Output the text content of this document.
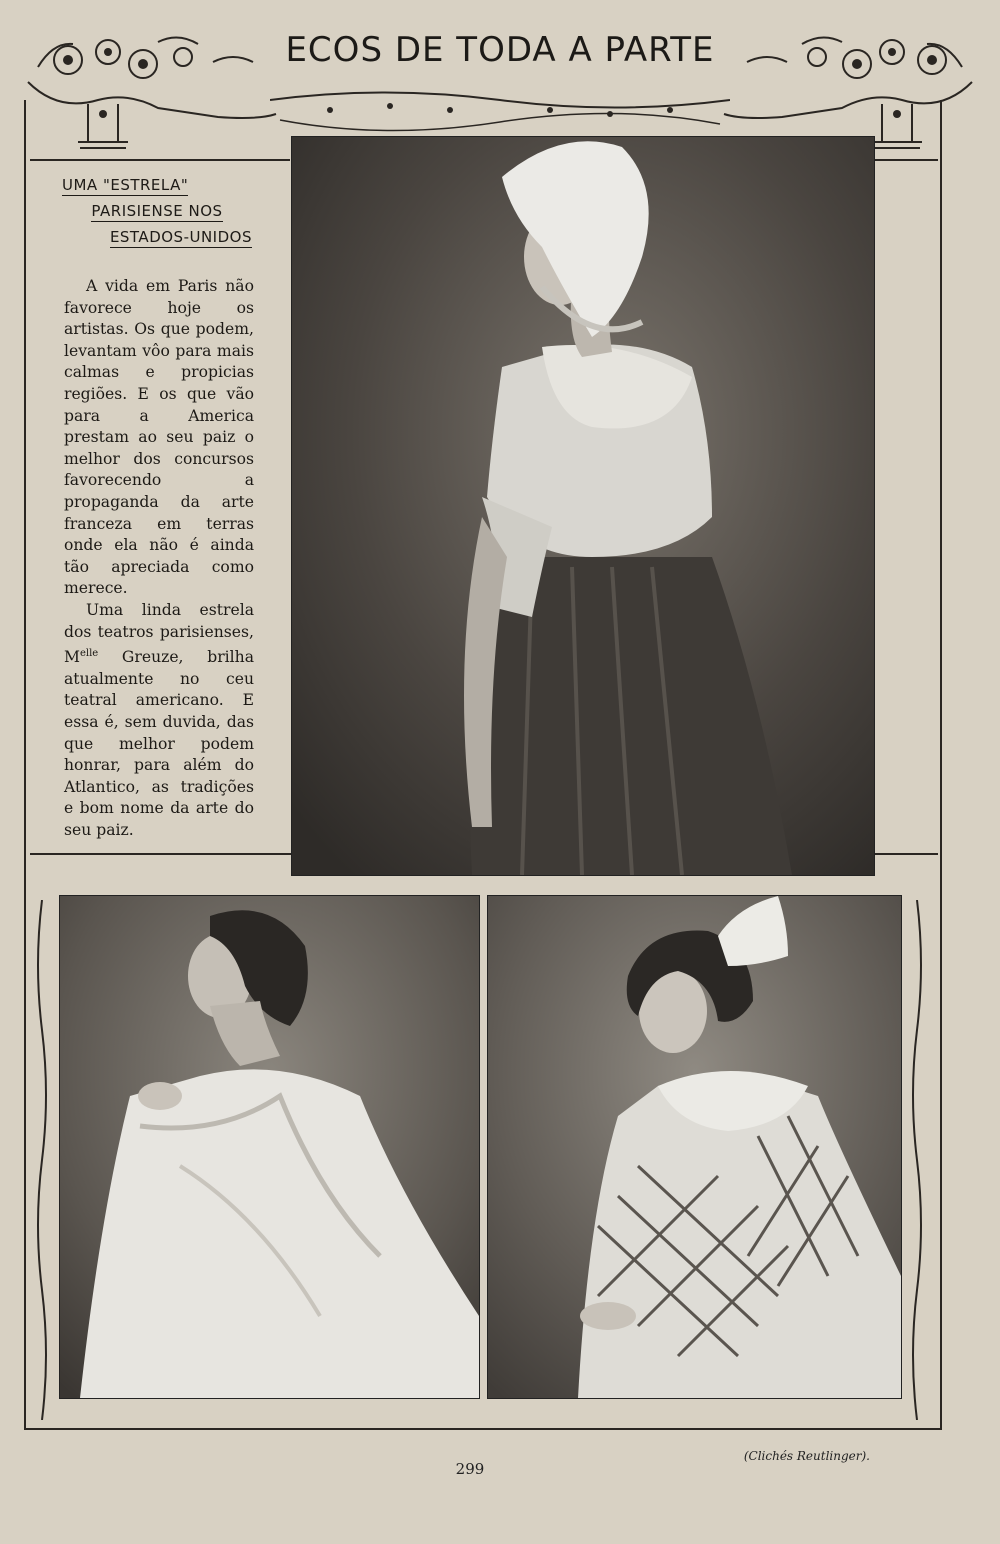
ECOS DE TODA A PARTE
UMA "ESTRELA"
PARISIENSE NOS
ESTADOS-UNIDOS

A vida em Paris não favorece hoje os artistas. Os que podem, levantam vôo para mais calmas e propicias regiões. E os que vão para a America prestam ao seu paiz o melhor dos concursos favorecendo a propaganda da arte franceza em terras onde ela não é ainda tão apreciada como merece.

Uma linda estrela dos teatros parisienses, $M^{elle}$ Greuze, brilha atualmente no ceu teatral americano. E essa é, sem duvida, das que melhor podem honrar, para além do Atlantico, as tradições e bom nome da arte do seu paiz.

299
(Clichés Reutlinger).
